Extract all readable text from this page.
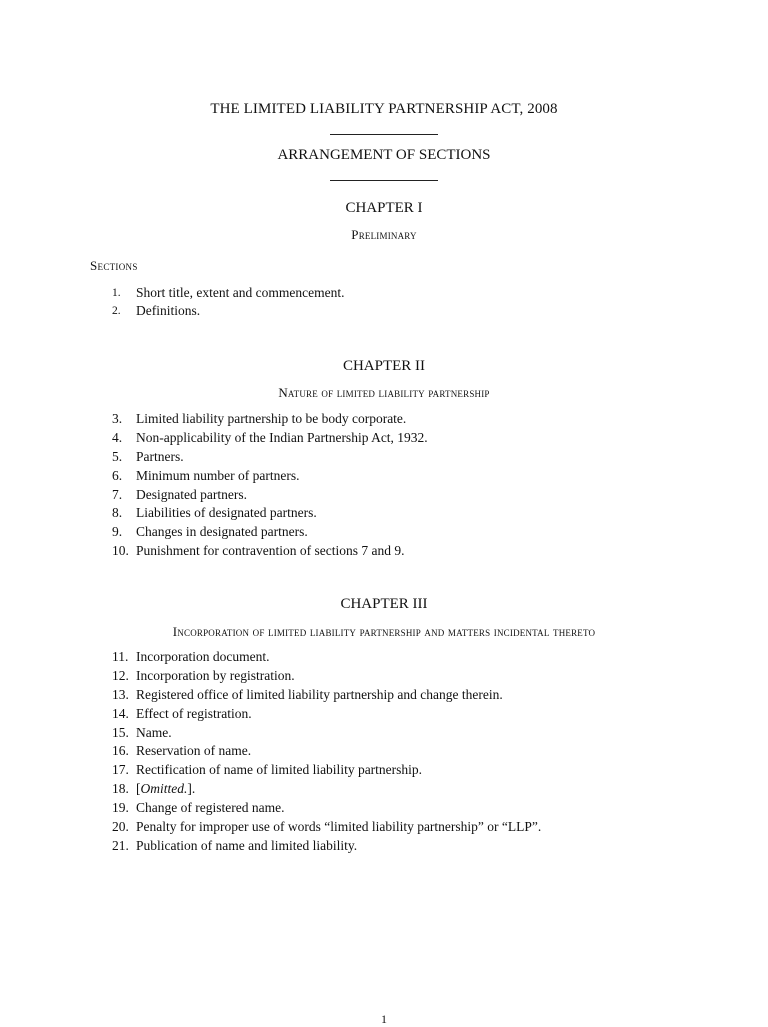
THE LIMITED LIABILITY PARTNERSHIP ACT, 2008
ARRANGEMENT OF SECTIONS
CHAPTER I
Preliminary
Sections
1.	Short title, extent and commencement.
2.	Definitions.
CHAPTER II
Nature of limited liability partnership
3.	Limited liability partnership to be body corporate.
4.	Non-applicability of the Indian Partnership Act, 1932.
5.	Partners.
6.	Minimum number of partners.
7.	Designated partners.
8.	Liabilities of designated partners.
9.	Changes in designated partners.
10. Punishment for contravention of sections 7 and 9.
CHAPTER III
Incorporation of limited liability partnership and matters incidental thereto
11. Incorporation document.
12. Incorporation by registration.
13. Registered office of limited liability partnership and change therein.
14. Effect of registration.
15. Name.
16. Reservation of name.
17. Rectification of name of limited liability partnership.
18. [Omitted.].
19. Change of registered name.
20. Penalty for improper use of words “limited liability partnership” or “LLP”.
21. Publication of name and limited liability.
1
